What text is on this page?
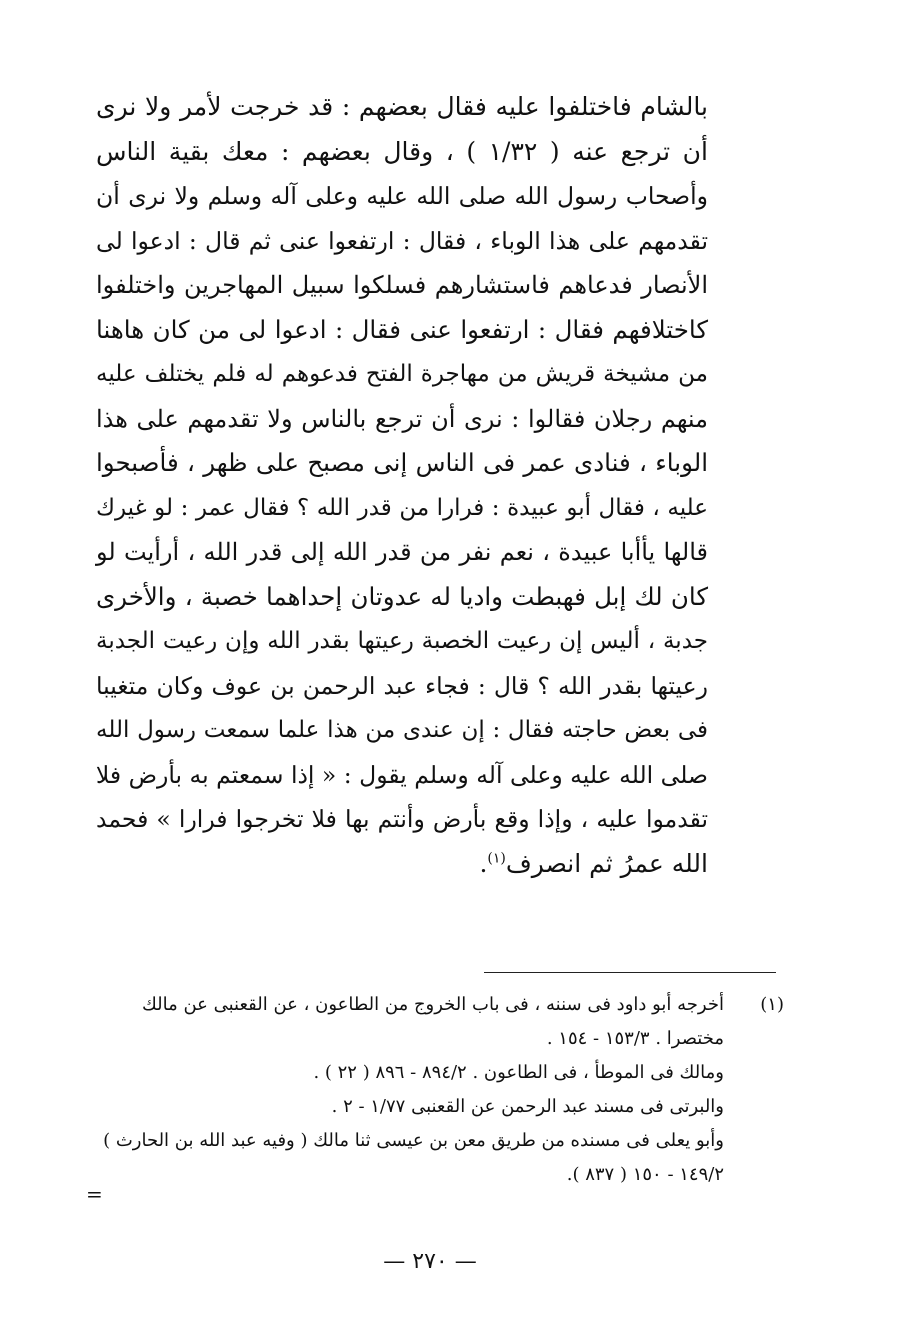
بالشام فاختلفوا عليه فقال بعضهم : قد خرجت لأمر ولا نرى
أن ترجع عنه ( ١/٣٢ ) ، وقال بعضهم : معك بقية الناس
وأصحاب رسول الله صلى الله عليه وعلى آله وسلم ولا نرى أن
تقدمهم على هذا الوباء ، فقال : ارتفعوا عنى ثم قال : ادعوا لى
الأنصار فدعاهم فاستشارهم فسلكوا سبيل المهاجرين واختلفوا
كاختلافهم فقال : ارتفعوا عنى فقال : ادعوا لى من كان هاهنا
من مشيخة قريش من مهاجرة الفتح فدعوهم له فلم يختلف عليه
منهم رجلان فقالوا : نرى أن ترجع بالناس ولا تقدمهم على هذا
الوباء ، فنادى عمر فى الناس إنى مصبح على ظهر ، فأصبحوا
عليه ، فقال أبو عبيدة : فرارا من قدر الله ؟ فقال عمر : لو غيرك
قالها يأأبا عبيدة ، نعم نفر من قدر الله إلى قدر الله ، أرأيت لو
كان لك إبل فهبطت واديا له عدوتان إحداهما خصبة ، والأخرى
جدبة ، أليس إن رعيت الخصبة رعيتها بقدر الله وإن رعيت الجدبة
رعيتها بقدر الله ؟ قال : فجاء عبد الرحمن بن عوف وكان متغيبا
فى بعض حاجته فقال : إن عندى من هذا علما سمعت رسول الله
صلى الله عليه وعلى آله وسلم يقول : « إذا سمعتم به بأرض فلا
تقدموا عليه ، وإذا وقع بأرض وأنتم بها فلا تخرجوا فرارا » فحمد
الله عمرُ ثم انصرف$^{(١)}$.
(١)
أخرجه أبو داود فى سننه ، فى باب الخروج من الطاعون ، عن القعنبى عن مالك
مختصرا . ١٥٣/٣ - ١٥٤ .
ومالك فى الموطأ ، فى الطاعون . ٨٩٤/٢ - ٨٩٦ ( ٢٢ ) .
والبرتى فى مسند عبد الرحمن عن القعنبى ١/٧٧ - ٢ .
وأبو يعلى فى مسنده من طريق معن بن عيسى ثنا مالك ( وفيه عبد الله بن الحارث )
١٤٩/٢ - ١٥٠ ( ٨٣٧ ).
=
— ٢٧٠ —
